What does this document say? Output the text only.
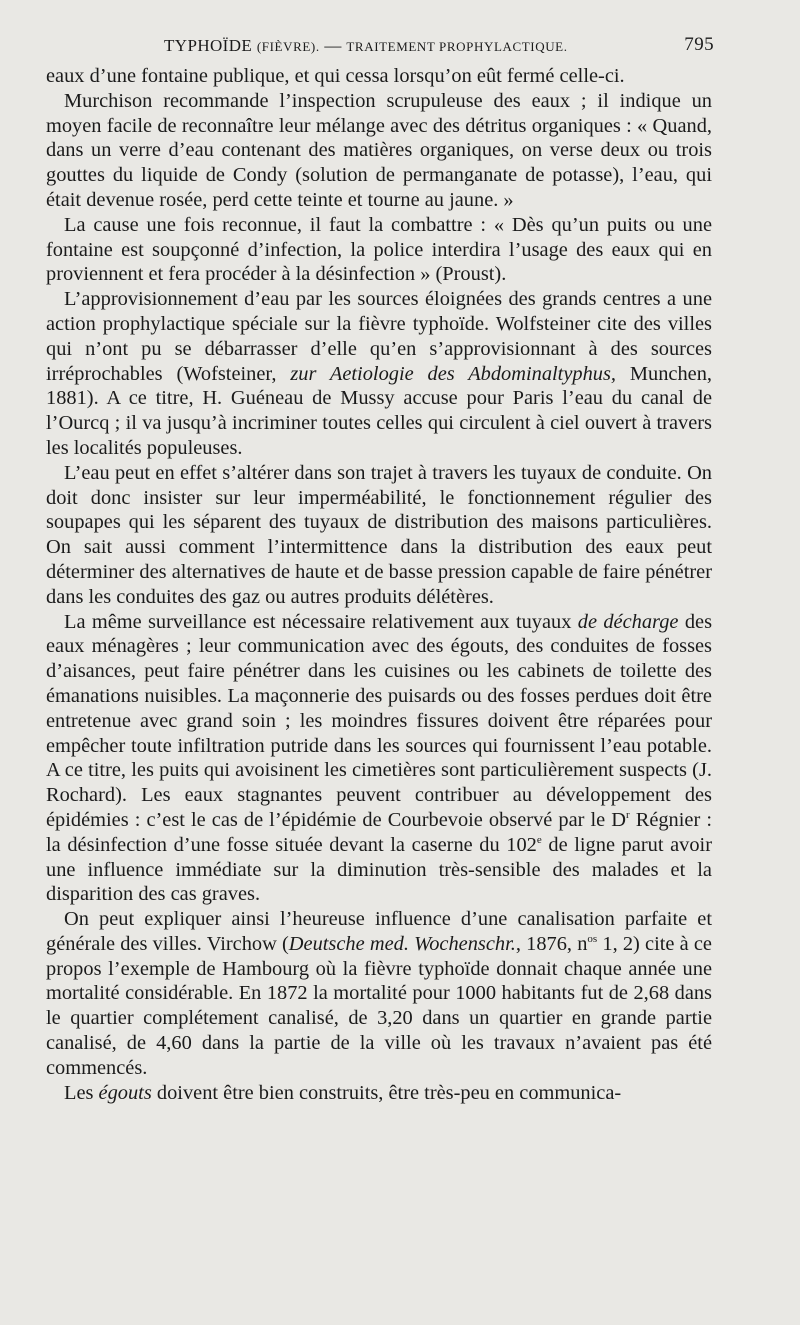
TYPHOÏDE (FIÈVRE). — TRAITEMENT PROPHYLACTIQUE.	795

eaux d’une fontaine publique, et qui cessa lorsqu’on eût fermé celle-ci.

Murchison recommande l’inspection scrupuleuse des eaux ; il indique un moyen facile de reconnaître leur mélange avec des détritus organiques : « Quand, dans un verre d’eau contenant des matières organiques, on verse deux ou trois gouttes du liquide de Condy (solution de permanganate de potasse), l’eau, qui était devenue rosée, perd cette teinte et tourne au jaune. »

La cause une fois reconnue, il faut la combattre : « Dès qu’un puits ou une fontaine est soupçonné d’infection, la police interdira l’usage des eaux qui en proviennent et fera procéder à la désinfection » (Proust).

L’approvisionnement d’eau par les sources éloignées des grands centres a une action prophylactique spéciale sur la fièvre typhoïde. Wolfsteiner cite des villes qui n’ont pu se débarrasser d’elle qu’en s’approvisionnant à des sources irréprochables (Wofsteiner, zur Aetiologie des Abdominaltyphus, Munchen, 1881). A ce titre, H. Guéneau de Mussy accuse pour Paris l’eau du canal de l’Ourcq ; il va jusqu’à incriminer toutes celles qui circulent à ciel ouvert à travers les localités populeuses.

L’eau peut en effet s’altérer dans son trajet à travers les tuyaux de conduite. On doit donc insister sur leur imperméabilité, le fonctionnement régulier des soupapes qui les séparent des tuyaux de distribution des maisons particulières. On sait aussi comment l’intermittence dans la distribution des eaux peut déterminer des alternatives de haute et de basse pression capable de faire pénétrer dans les conduites des gaz ou autres produits délétères.

La même surveillance est nécessaire relativement aux tuyaux de décharge des eaux ménagères ; leur communication avec des égouts, des conduites de fosses d’aisances, peut faire pénétrer dans les cuisines ou les cabinets de toilette des émanations nuisibles. La maçonnerie des puisards ou des fosses perdues doit être entretenue avec grand soin ; les moindres fissures doivent être réparées pour empêcher toute infiltration putride dans les sources qui fournissent l’eau potable. A ce titre, les puits qui avoisinent les cimetières sont particulièrement suspects (J. Rochard). Les eaux stagnantes peuvent contribuer au développement des épidémies : c’est le cas de l’épidémie de Courbevoie observé par le $D^r$ Régnier : la désinfection d’une fosse située devant la caserne du 102e de ligne parut avoir une influence immédiate sur la diminution très-sensible des malades et la disparition des cas graves.

On peut expliquer ainsi l’heureuse influence d’une canalisation parfaite et générale des villes. Virchow (Deutsche med. Wochenschr., 1876, $n^{os}$ 1, 2) cite à ce propos l’exemple de Hambourg où la fièvre typhoïde donnait chaque année une mortalité considérable. En 1872 la mortalité pour 1000 habitants fut de 2,68 dans le quartier complétement canalisé, de 3,20 dans un quartier en grande partie canalisé, de 4,60 dans la partie de la ville où les travaux n’avaient pas été commencés.

Les égouts doivent être bien construits, être très-peu en communica-
